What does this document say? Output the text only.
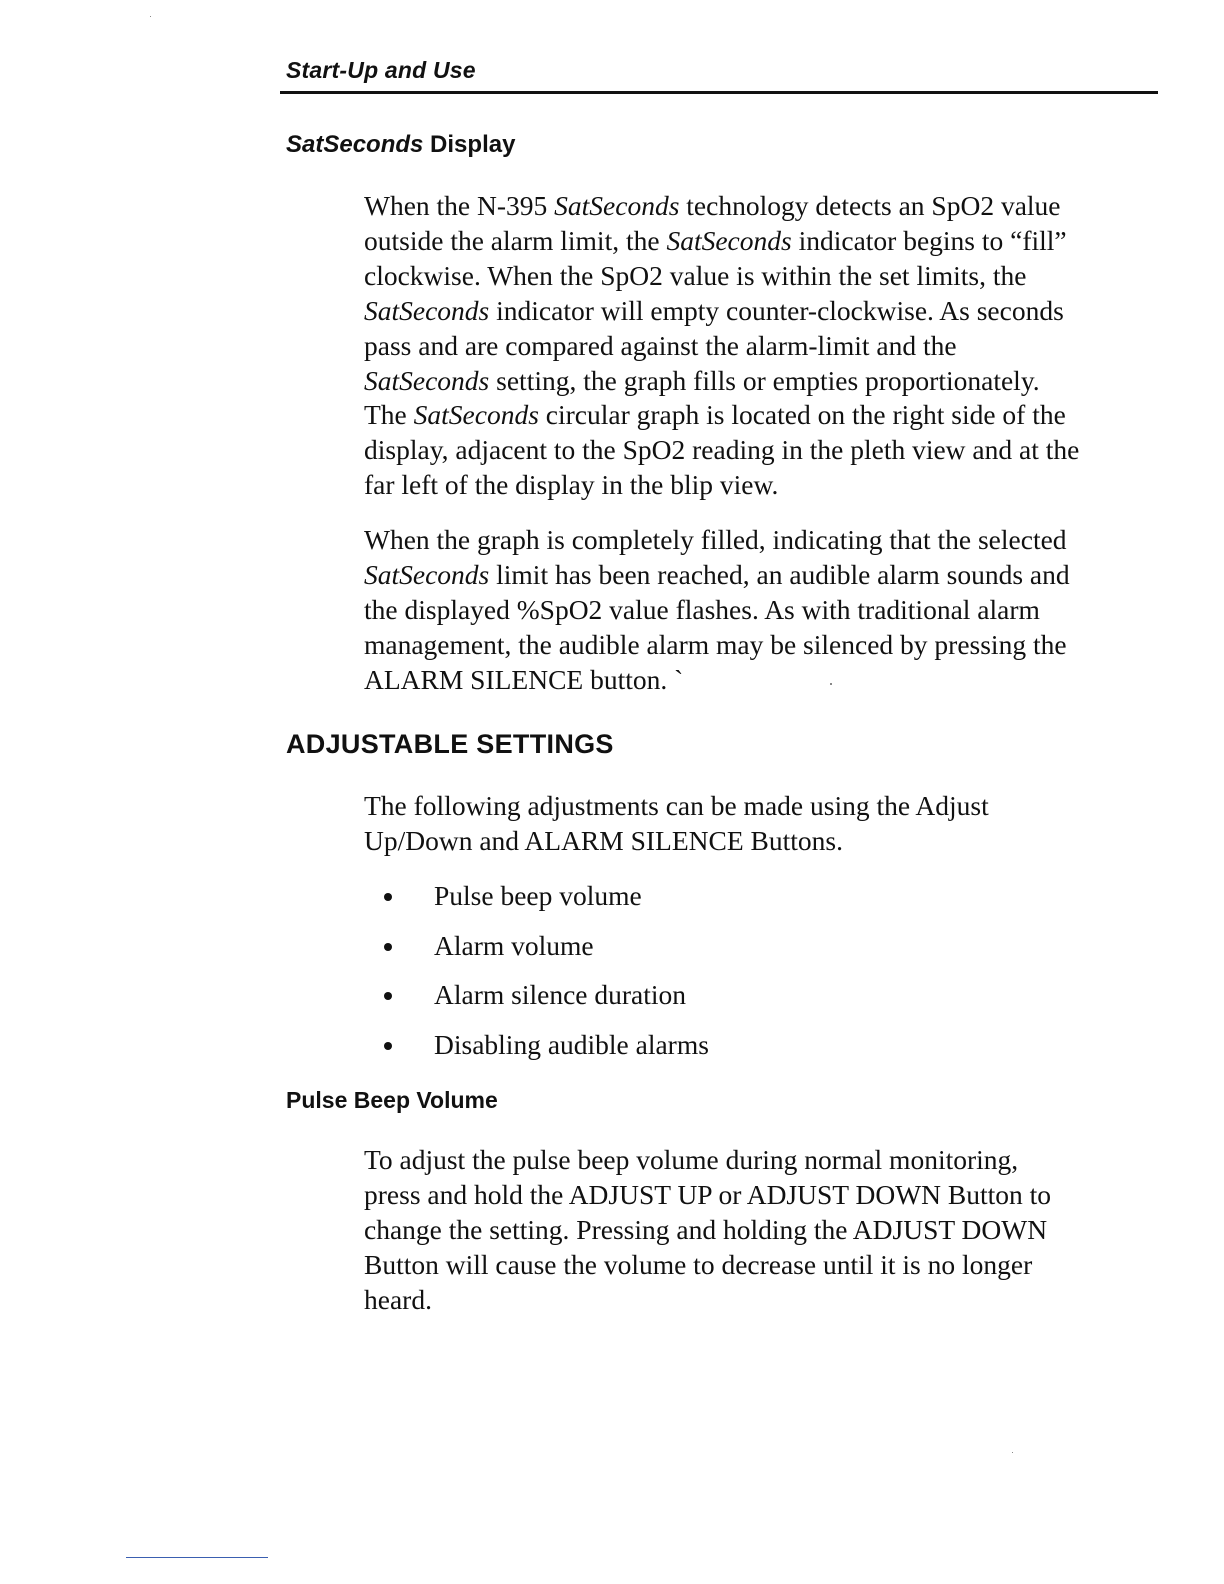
Start-Up and Use
SatSeconds Display
When the N-395 SatSeconds technology detects an SpO2 value
outside the alarm limit, the SatSeconds indicator begins to “fill”
clockwise. When the SpO2 value is within the set limits, the
SatSeconds indicator will empty counter-clockwise. As seconds
pass and are compared against the alarm-limit and the
SatSeconds setting, the graph fills or empties proportionately.
The SatSeconds circular graph is located on the right side of the
display, adjacent to the SpO2 reading in the pleth view and at the
far left of the display in the blip view.
When the graph is completely filled, indicating that the selected
SatSeconds limit has been reached, an audible alarm sounds and
the displayed %SpO2 value flashes. As with traditional alarm
management, the audible alarm may be silenced by pressing the
ALARM SILENCE button. `
ADJUSTABLE SETTINGS
The following adjustments can be made using the Adjust
Up/Down and ALARM SILENCE Buttons.
Pulse beep volume
Alarm volume
Alarm silence duration
Disabling audible alarms
Pulse Beep Volume
To adjust the pulse beep volume during normal monitoring,
press and hold the ADJUST UP or ADJUST DOWN Button to
change the setting. Pressing and holding the ADJUST DOWN
Button will cause the volume to decrease until it is no longer
heard.
